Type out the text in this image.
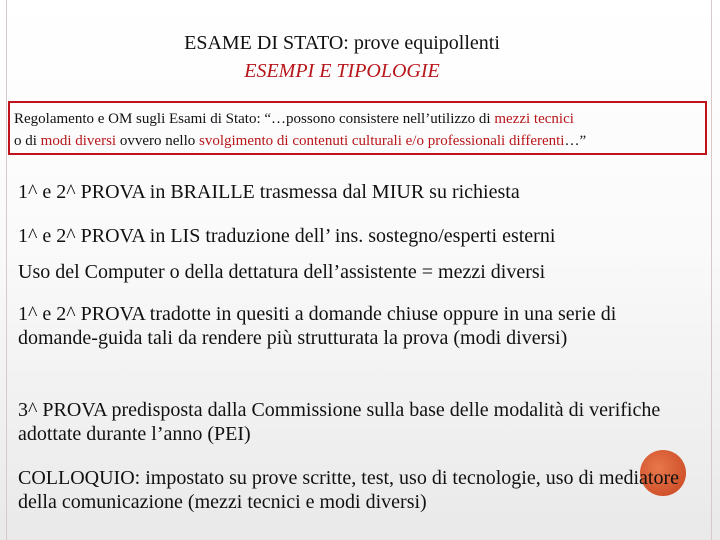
ESAME DI STATO: prove equipollenti
ESEMPI E TIPOLOGIE
Regolamento e OM sugli Esami di Stato: “…possono consistere nell’utilizzo di mezzi tecnici
o di modi diversi ovvero nello svolgimento di contenuti culturali e/o professionali differenti…”

1^ e 2^ PROVA in BRAILLE trasmessa dal MIUR su richiesta

1^ e 2^ PROVA in LIS traduzione dell’ ins. sostegno/esperti esterni

Uso del Computer o della dettatura dell’assistente = mezzi diversi

1^ e 2^ PROVA tradotte in quesiti a domande chiuse oppure in una serie di domande-guida tali da rendere più strutturata la prova (modi diversi)

3^ PROVA predisposta dalla Commissione sulla base delle modalità di verifiche adottate durante l’anno (PEI)

COLLOQUIO: impostato su prove scritte, test, uso di tecnologie, uso di mediatore della comunicazione (mezzi tecnici e modi diversi)
